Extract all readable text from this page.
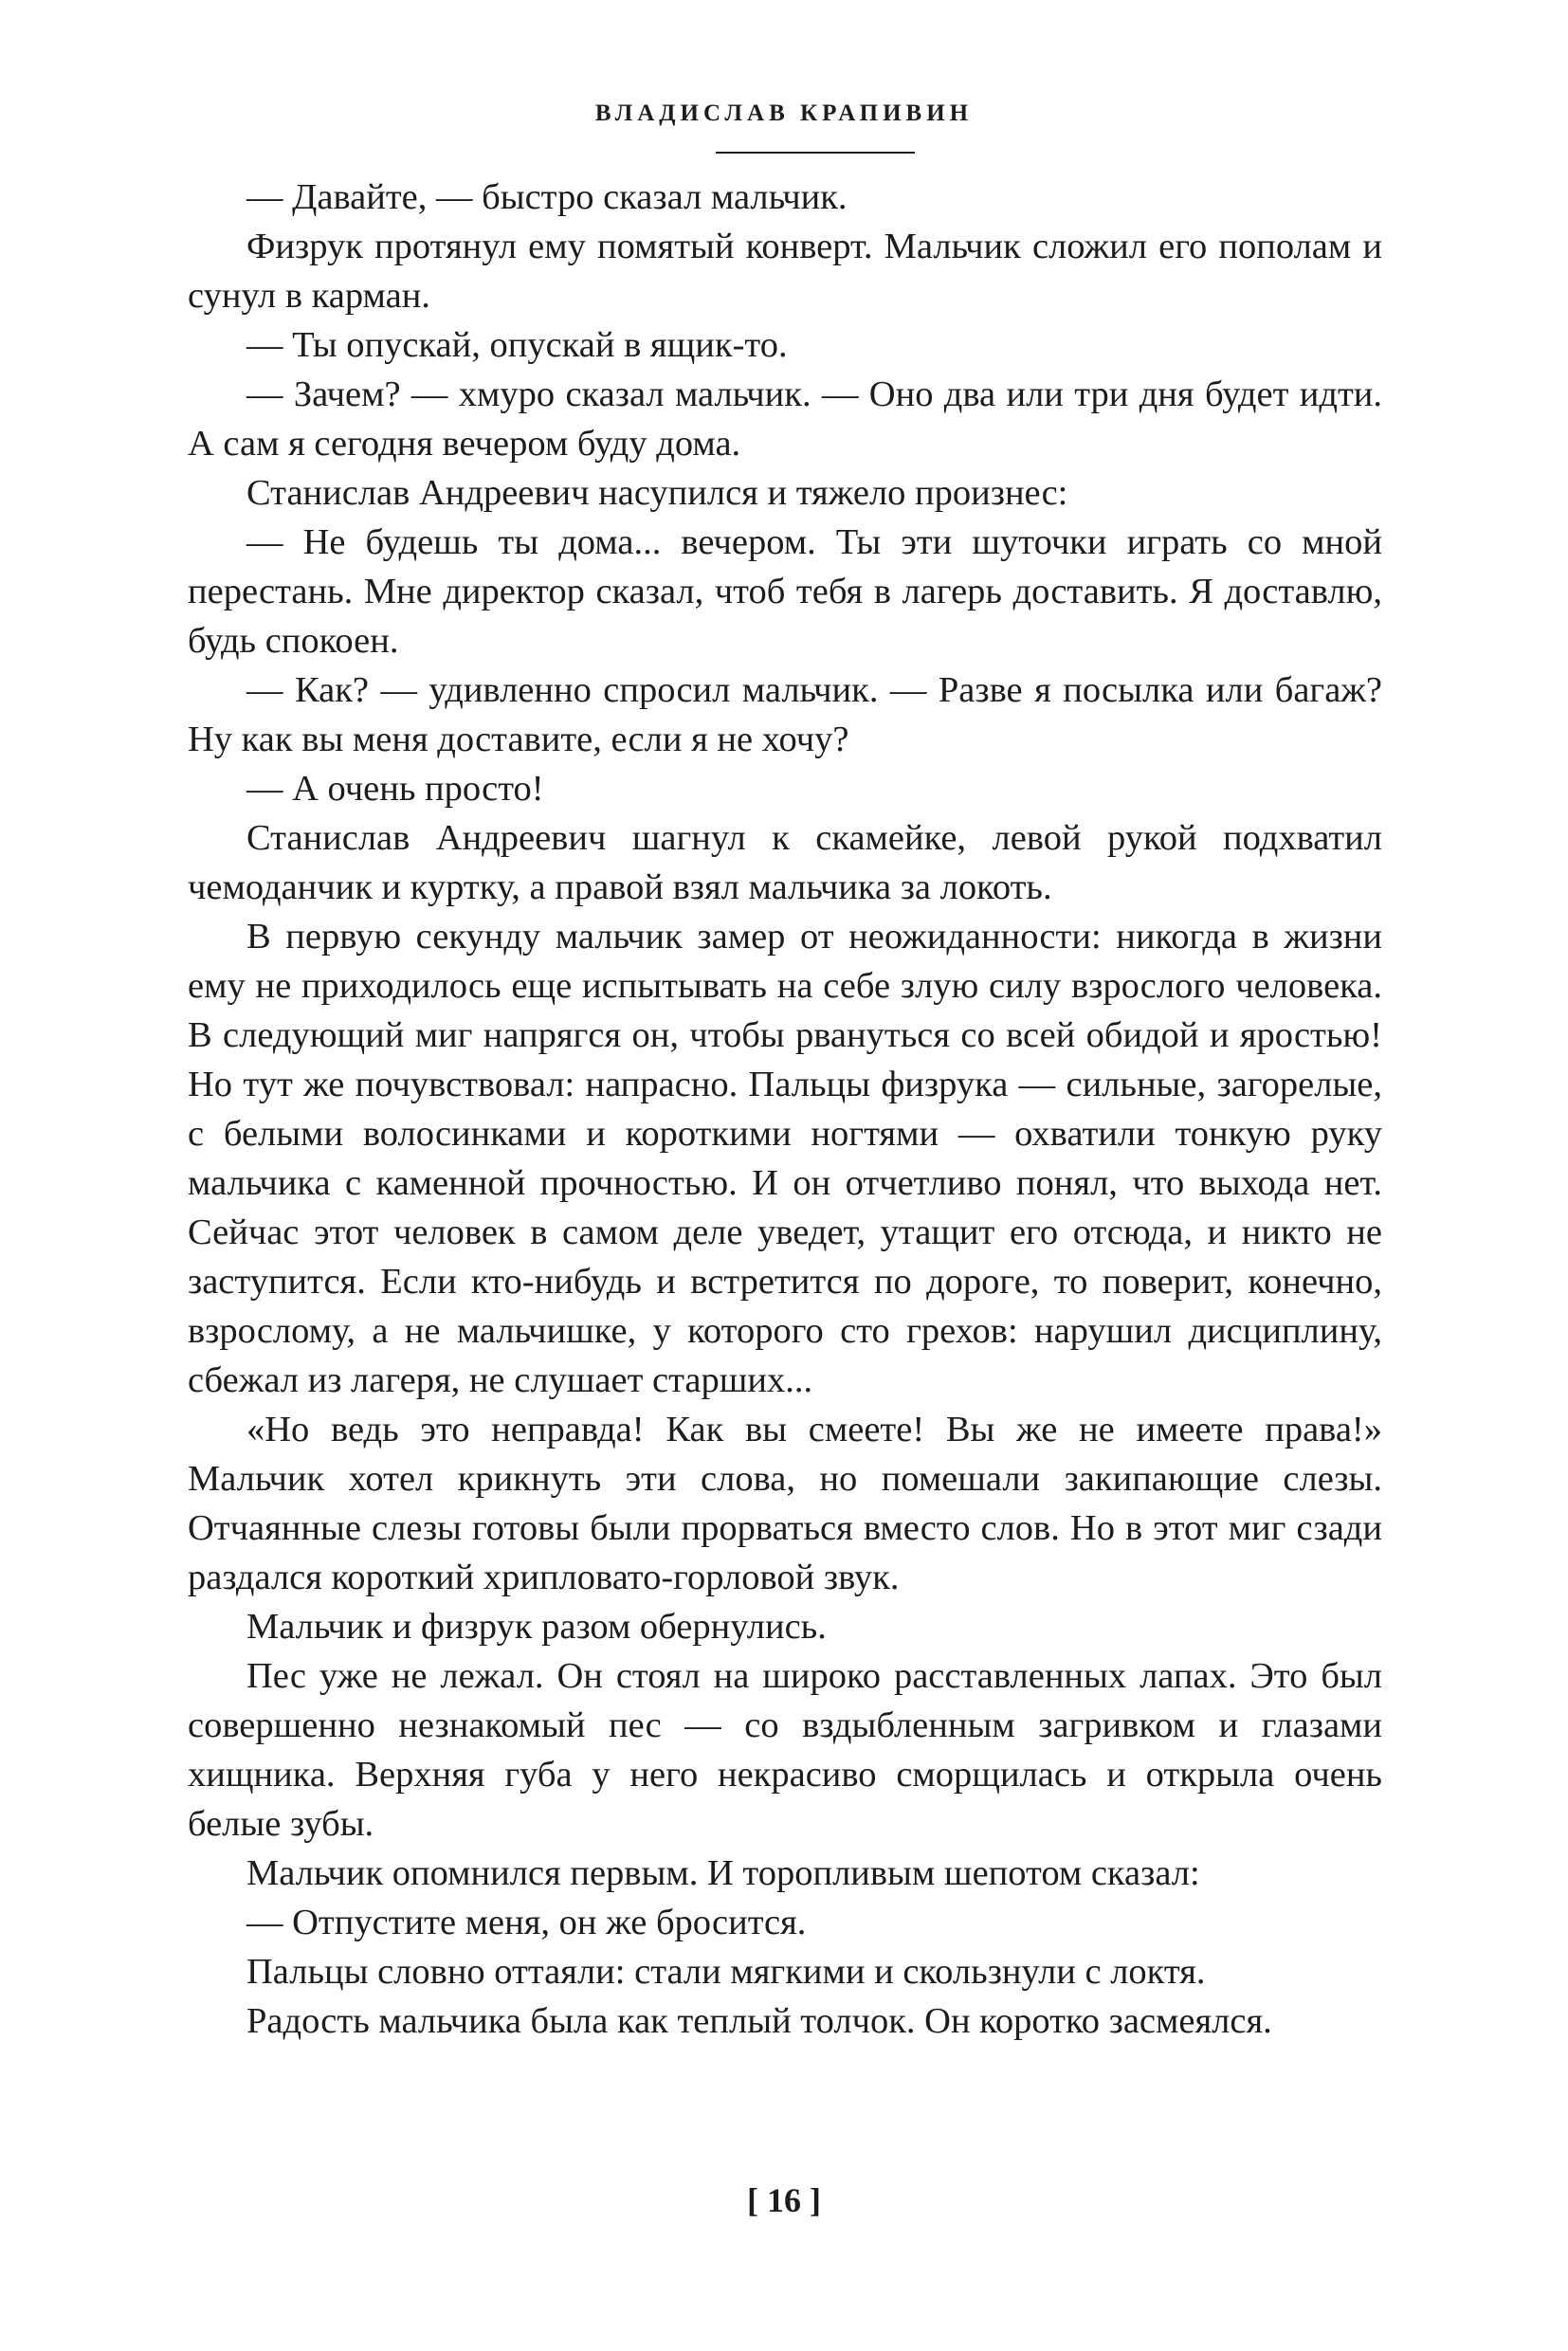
ВЛАДИСЛАВ КРАПИВИН

— Давайте, — быстро сказал мальчик.

Физрук протянул ему помятый конверт. Мальчик сложил его пополам и сунул в карман.

— Ты опускай, опускай в ящик-то.

— Зачем? — хмуро сказал мальчик. — Оно два или три дня будет идти. А сам я сегодня вечером буду дома.

Станислав Андреевич насупился и тяжело произнес:

— Не будешь ты дома... вечером. Ты эти шуточки играть со мной перестань. Мне директор сказал, чтоб тебя в лагерь доставить. Я доставлю, будь спокоен.

— Как? — удивленно спросил мальчик. — Разве я посылка или багаж? Ну как вы меня доставите, если я не хочу?

— А очень просто!

Станислав Андреевич шагнул к скамейке, левой рукой подхватил чемоданчик и куртку, а правой взял мальчика за локоть.

В первую секунду мальчик замер от неожиданности: никогда в жизни ему не приходилось еще испытывать на себе злую силу взрослого человека. В следующий миг напрягся он, чтобы рвануться со всей обидой и яростью! Но тут же почувствовал: напрасно. Пальцы физрука — сильные, загорелые, с белыми волосинками и короткими ногтями — охватили тонкую руку мальчика с каменной прочностью. И он отчетливо понял, что выхода нет. Сейчас этот человек в самом деле уведет, утащит его отсюда, и никто не заступится. Если кто-нибудь и встретится по дороге, то поверит, конечно, взрослому, а не мальчишке, у которого сто грехов: нарушил дисциплину, сбежал из лагеря, не слушает старших...

«Но ведь это неправда! Как вы смеете! Вы же не имеете права!» Мальчик хотел крикнуть эти слова, но помешали закипающие слезы. Отчаянные слезы готовы были прорваться вместо слов. Но в этот миг сзади раздался короткий хрипловато-горловой звук.

Мальчик и физрук разом обернулись.

Пес уже не лежал. Он стоял на широко расставленных лапах. Это был совершенно незнакомый пес — со вздыбленным загривком и глазами хищника. Верхняя губа у него некрасиво сморщилась и открыла очень белые зубы.

Мальчик опомнился первым. И торопливым шепотом сказал:

— Отпустите меня, он же бросится.

Пальцы словно оттаяли: стали мягкими и скользнули с локтя.

Радость мальчика была как теплый толчок. Он коротко засмеялся.

[ 16 ]
